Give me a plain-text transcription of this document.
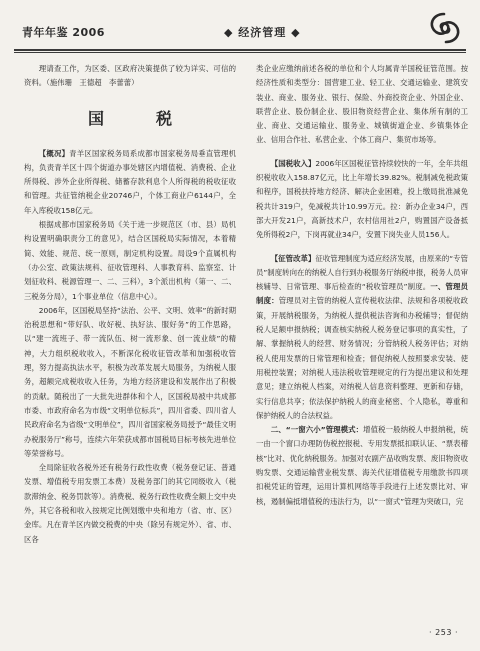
青年年鉴 2006	◆ 经济管理 ◆

理请查工作，为区委、区政府决策提供了较为详实、可信的资料。（施伟珊　王德超　李蕾蕾）

国　税

【概况】青羊区国家税务局系成都市国家税务局垂直管理机构，负责青羊区十四个街道办事处辖区内增值税、消费税、企业所得税、涉外企业所得税、储蓄存款利息个人所得税的税收征收和管理。共征管纳税企业20746户，个体工商业户6144户，全年入库税收158亿元。

根据成都市国家税务局《关于进一步规范区（市、县）局机构设置明确职责分工的意见》，结合区国税局实际情况，本着精简、效能、规范、统一原则，制定机构设置。局设9个直属机构（办公室、政策法规科、征收管理科、人事教育科、监察室、计划征收科、税源管理一、二、三科），3个派出机构（第一、二、三税务分局），1个事业单位（信息中心）。

2006年，区国税局坚持“法治、公平、文明、效率”的新时期治税思想和“带好队、收好税、执好法、服好务”的工作思路，以“建一流班子、带一流队伍、树一流形象、创一流业绩”的精神，大力组织税收收入，不断深化税收征管改革和加强税收管理，努力提高执法水平，积极为改革发展大局服务，为纳税人服务，超额完成税收收入任务，为地方经济建设和发展作出了积极的贡献。随税出了一大批先进群体和个人，区国税局被中共成都市委、市政府命名为市级“文明单位标兵”，四川省委、四川省人民政府命名为省级“文明单位”，四川省国家税务局授予“最佳文明办税服务厅”称号，连续六年荣获成都市国税局目标考核先进单位等荣誉称号。

全局除征收各税外还有税务行政性收费（税务登记证、普通发票、增值税专用发票工本费）及税务部门的其它同级收入（税款滞纳金、税务罚款等）。消费税、税务行政性收费全额上交中央外，其它各税和收入按规定比例划缴中央和地方（省、市、区）金库。凡在青羊区内做交税费的中央（除另有规定外）、省、市、区各

类企业应缴纳前述各税的单位和个人均属青羊国税征管范围。按经济性质和类型分：国营建工业、轻工业、交通运输业、建筑安装业、商业、服务业、银行、保险、外商投资企业、外国企业、联营企业、股份制企业、股旧物资经营企业、集体所有制的工业、商业、交通运输业、服务业、城镇街道企业、乡镇集体企业、信用合作社、私营企业、个体工商户、集贸市场等。

【国税收入】2006年区国税征管持续较快的一年，全年共组织税收收入158.87亿元，比上年增长39.82%。税制减免税政策和程序，国税扶持地方经济、解决企业困难，投上缴局批准减免税共计319户，免减税共计10.99万元。拉：新办企业34户，西部大开发21户，高新技术户，农村信用社2户，购置国产设备抵免所得税2户，下岗再就业34户，安置下岗失业人员156人。

【征管改革】征收管理制度为适应经济发展，由原来的“专管员”制度转向在的纳税人自行到办税服务厅纳税申报，税务人员审核辅导、日常管理、事后检查的“税收管理员”制度。一、管理员制度：管理员对主管的纳税人宣传税收法律、法规和各项税收政策，开展纳税服务，为纳税人提供税法咨询和办税辅导；督促纳税人足额申报纳税；调查核实纳税人税务登记事项的真实性，了解、掌握纳税人的经营、财务情况；分管纳税人税务评估；对纳税人使用发票的日常管理和检查；督促纳税人按照要求安装、使用税控装置；对纳税人违法税收管理规定的行为提出建议和处理意见；建立纳税人档案，对纳税人信息资料整理、更新和存储，实行信息共享；依法保护纳税人的商业秘密、个人隐私，尊重和保护纳税人的合法权益。

二、“一窗六小”管理模式：增值税一般纳税人申报纳税，统一由一个窗口办理防伪税控报税、专用发票抵扣联认证、“票表稽核”比对、优化纳税服务。加强对农副产品收购发票、废旧物资收购发票、交通运输营业税发票、海关代征增值税专用缴款书四项扣税凭证的管理，运用计算机网络等手段进行上述发票比对、审核，遏制偏抵增值税的违法行为，以“一窗式”管理为突破口，完

· 253 ·
